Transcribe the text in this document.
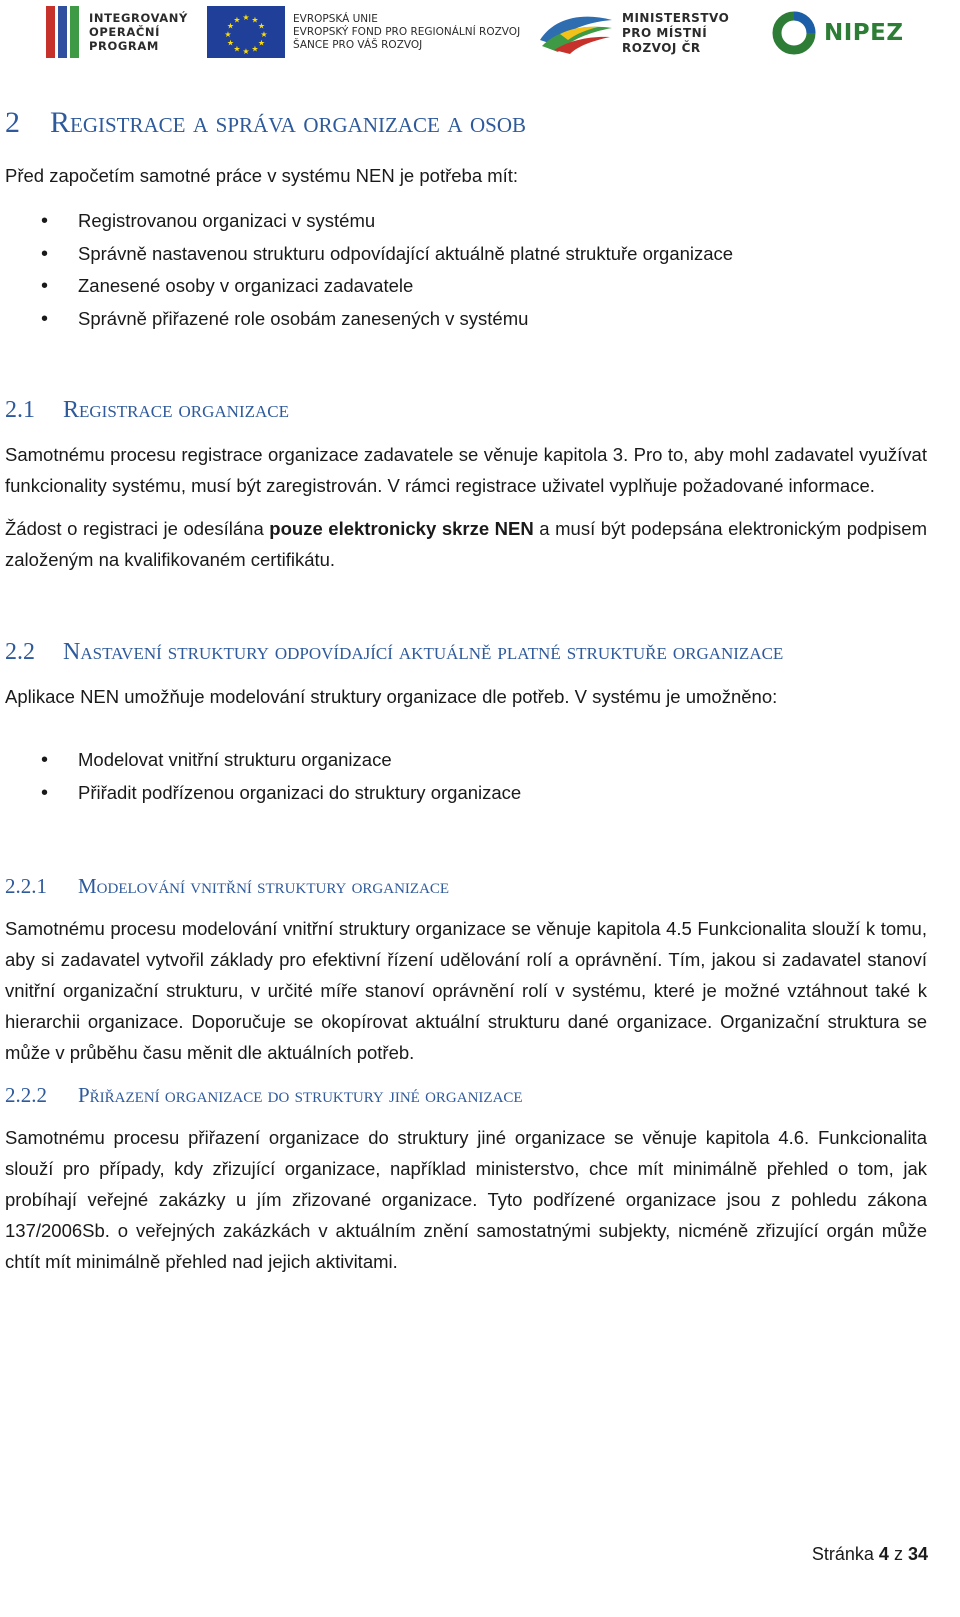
INTEGROVANÝ
OPERAČNÍ
PROGRAM
★ ★
★
★
★
★
★
★
★
★
★
★	EVROPSKÁ UNIE
EVROPSKÝ FOND PRO REGIONÁLNÍ ROZVOJ
ŠANCE PRO VÁŠ ROZVOJ
MINISTERSTVO
PRO MÍSTNÍ
ROZVOJ ČR
NIPEZ
2 Registrace a správa organizace a osob

Před započetím samotné práce v systému NEN je potřeba mít:

• Registrovanou organizaci v systému
• Správně nastavenou strukturu odpovídající aktuálně platné struktuře organizace
• Zanesené osoby v organizaci zadavatele
• Správně přiřazené role osobám zanesených v systému
2.1 Registrace organizace

Samotnému procesu registrace organizace zadavatele se věnuje kapitola 3. Pro to, aby mohl zadavatel využívat funkcionality systému, musí být zaregistrován. V rámci registrace uživatel vyplňuje požadované informace.

Žádost o registraci je odesílána pouze elektronicky skrze NEN a musí být podepsána elektronickým podpisem založeným na kvalifikovaném certifikátu.

2.2 Nastavení struktury odpovídající aktuálně platné struktuře organizace

Aplikace NEN umožňuje modelování struktury organizace dle potřeb. V systému je umožněno:

• Modelovat vnitřní strukturu organizace
• Přiřadit podřízenou organizaci do struktury organizace
2.2.1 Modelování vnitřní struktury organizace

Samotnému procesu modelování vnitřní struktury organizace se věnuje kapitola 4.5 Funkcionalita slouží k tomu, aby si zadavatel vytvořil základy pro efektivní řízení udělování rolí a oprávnění. Tím, jakou si zadavatel stanoví vnitřní organizační strukturu, v určité míře stanoví oprávnění rolí v systému, které je možné vztáhnout také k hierarchii organizace. Doporučuje se okopírovat aktuální strukturu dané organizace. Organizační struktura se může v průběhu času měnit dle aktuálních potřeb.

2.2.2 Přiřazení organizace do struktury jiné organizace

Samotnému procesu přiřazení organizace do struktury jiné organizace se věnuje kapitola 4.6. Funkcionalita slouží pro případy, kdy zřizující organizace, například ministerstvo, chce mít minimálně přehled o tom, jak probíhají veřejné zakázky u jím zřizované organizace. Tyto podřízené organizace jsou z pohledu zákona 137/2006Sb. o veřejných zakázkách v aktuálním znění samostatnými subjekty, nicméně zřizující orgán může chtít mít minimálně přehled nad jejich aktivitami.

Stránka 4 z 34
